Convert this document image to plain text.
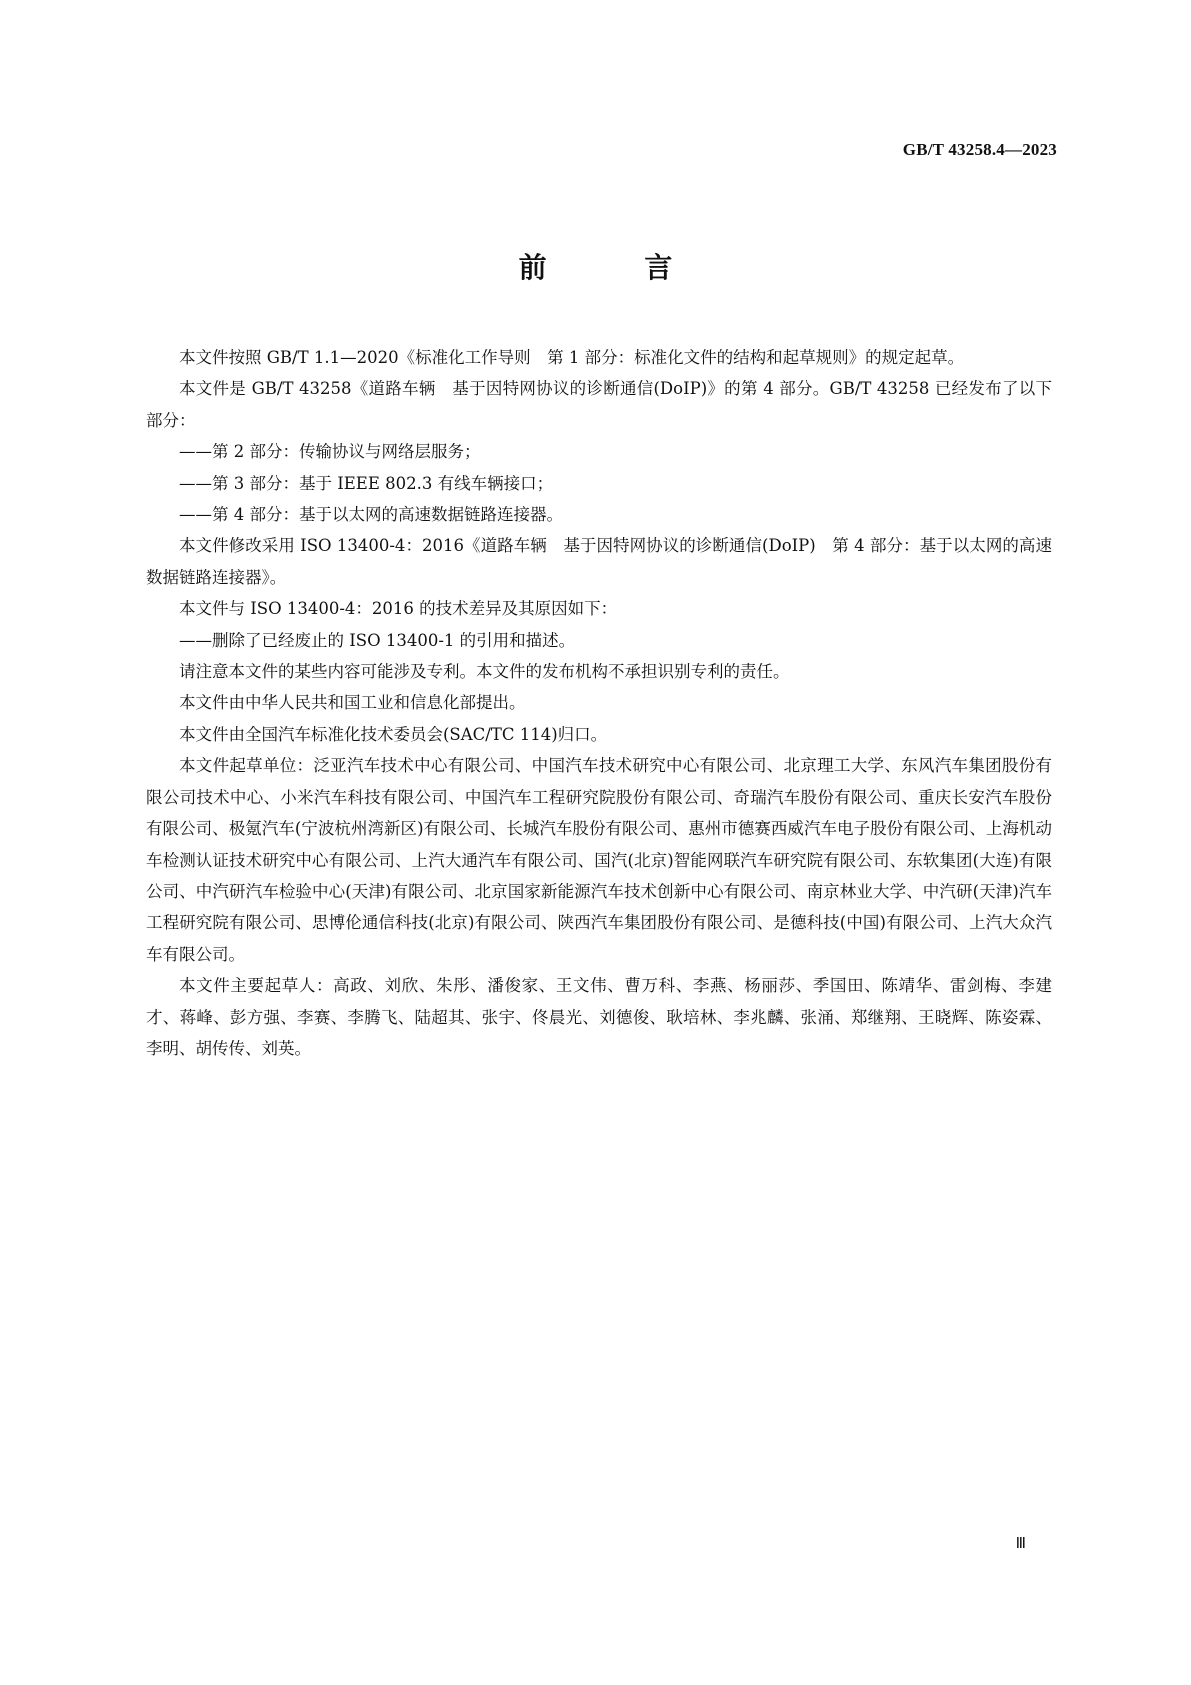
GB/T 43258.4—2023
前 言

本文件按照 GB/T 1.1—2020《标准化工作导则　第 1 部分：标准化文件的结构和起草规则》的规定起草。

本文件是 GB/T 43258《道路车辆　基于因特网协议的诊断通信(DoIP)》的第 4 部分。GB/T 43258 已经发布了以下部分：

——第 2 部分：传输协议与网络层服务；

——第 3 部分：基于 IEEE 802.3 有线车辆接口；

——第 4 部分：基于以太网的高速数据链路连接器。

本文件修改采用 ISO 13400-4：2016《道路车辆　基于因特网协议的诊断通信(DoIP)　第 4 部分：基于以太网的高速数据链路连接器》。

本文件与 ISO 13400-4：2016 的技术差异及其原因如下：

——删除了已经废止的 ISO 13400-1 的引用和描述。

请注意本文件的某些内容可能涉及专利。本文件的发布机构不承担识别专利的责任。

本文件由中华人民共和国工业和信息化部提出。

本文件由全国汽车标准化技术委员会(SAC/TC 114)归口。

本文件起草单位：泛亚汽车技术中心有限公司、中国汽车技术研究中心有限公司、北京理工大学、东风汽车集团股份有限公司技术中心、小米汽车科技有限公司、中国汽车工程研究院股份有限公司、奇瑞汽车股份有限公司、重庆长安汽车股份有限公司、极氪汽车(宁波杭州湾新区)有限公司、长城汽车股份有限公司、惠州市德赛西威汽车电子股份有限公司、上海机动车检测认证技术研究中心有限公司、上汽大通汽车有限公司、国汽(北京)智能网联汽车研究院有限公司、东软集团(大连)有限公司、中汽研汽车检验中心(天津)有限公司、北京国家新能源汽车技术创新中心有限公司、南京林业大学、中汽研(天津)汽车工程研究院有限公司、思博伦通信科技(北京)有限公司、陕西汽车集团股份有限公司、是德科技(中国)有限公司、上汽大众汽车有限公司。

本文件主要起草人：高政、刘欣、朱彤、潘俊家、王文伟、曹万科、李燕、杨丽莎、季国田、陈靖华、雷剑梅、李建才、蒋峰、彭方强、李赛、李腾飞、陆超其、张宇、佟晨光、刘德俊、耿培林、李兆麟、张涌、郑继翔、王晓辉、陈姿霖、李明、胡传传、刘英。

Ⅲ
